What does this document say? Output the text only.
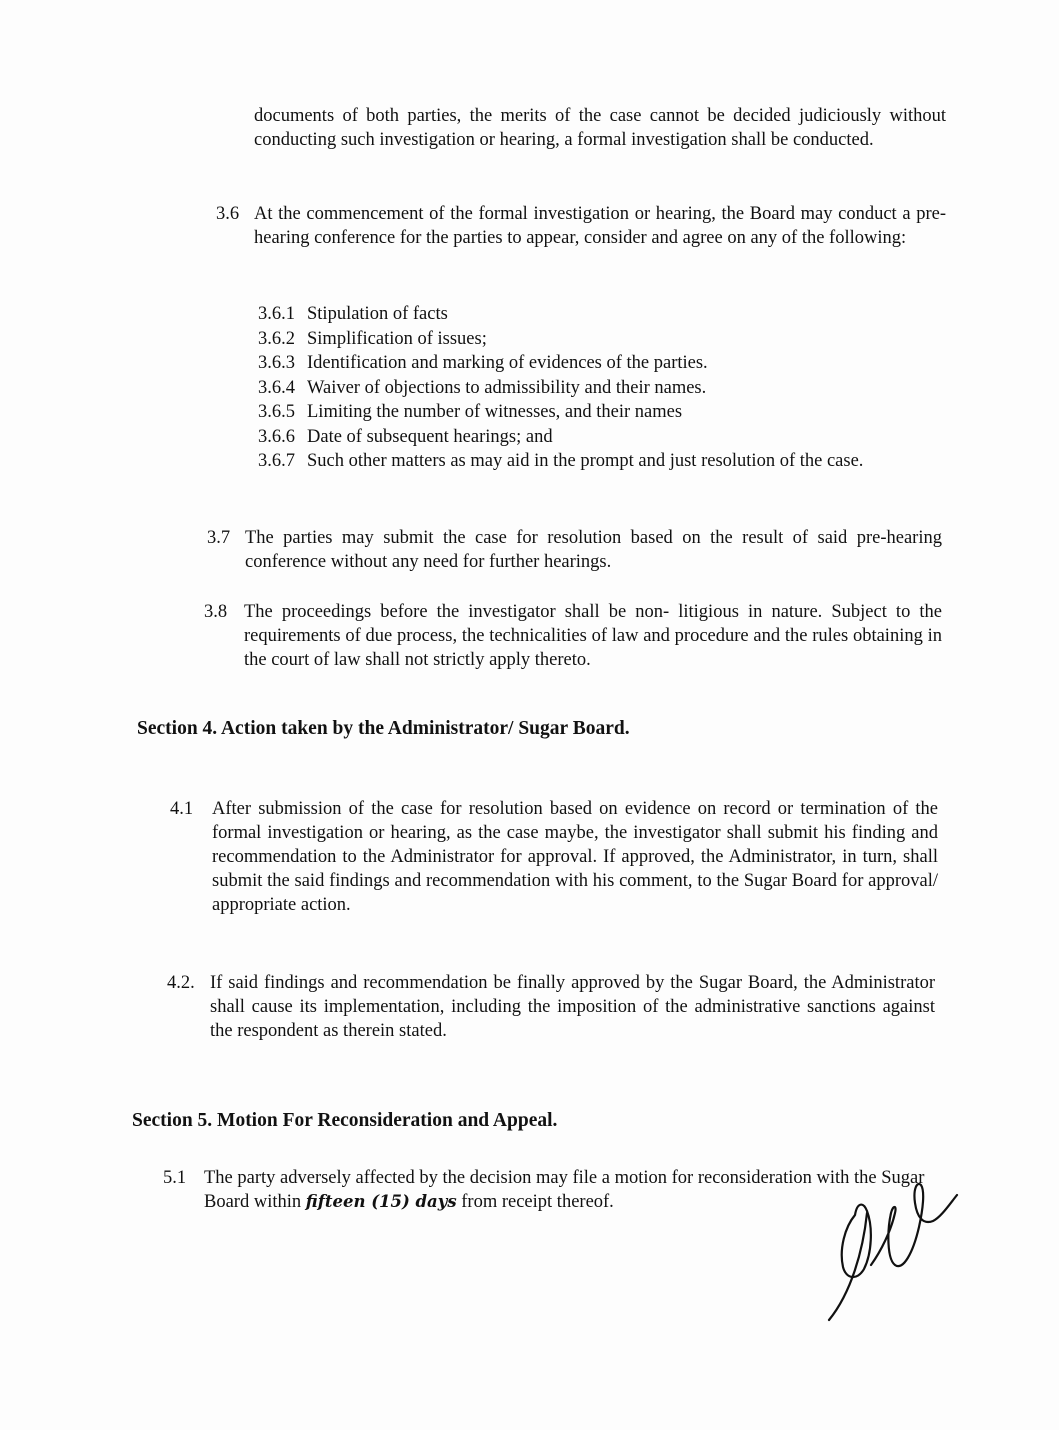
documents of both parties, the merits of the case cannot be decided judiciously without conducting such investigation or hearing, a formal investigation shall be conducted.

3.6 At the commencement of the formal investigation or hearing, the Board may conduct a pre-hearing conference for the parties to appear, consider and agree on any of the following:

3.6.1 Stipulation of facts
3.6.2 Simplification of issues;
3.6.3 Identification and marking of evidences of the parties.
3.6.4 Waiver of objections to admissibility and their names.
3.6.5 Limiting the number of witnesses, and their names
3.6.6 Date of subsequent hearings; and
3.6.7 Such other matters as may aid in the prompt and just resolution of the case.
3.7 The parties may submit the case for resolution based on the result of said pre-hearing conference without any need for further hearings.

3.8 The proceedings before the investigator shall be non- litigious in nature. Subject to the requirements of due process, the technicalities of law and procedure and the rules obtaining in the court of law shall not strictly apply thereto.

Section 4. Action taken by the Administrator/ Sugar Board.
4.1 After submission of the case for resolution based on evidence on record or termination of the formal investigation or hearing, as the case maybe, the investigator shall submit his finding and recommendation to the Administrator for approval. If approved, the Administrator, in turn, shall submit the said findings and recommendation with his comment, to the Sugar Board for approval/ appropriate action.

4.2. If said findings and recommendation be finally approved by the Sugar Board, the Administrator shall cause its implementation, including the imposition of the administrative sanctions against the respondent as therein stated.

Section 5. Motion For Reconsideration and Appeal.
5.1 The party adversely affected by the decision may file a motion for reconsideration with the Sugar Board within fifteen (15) days from receipt thereof.
